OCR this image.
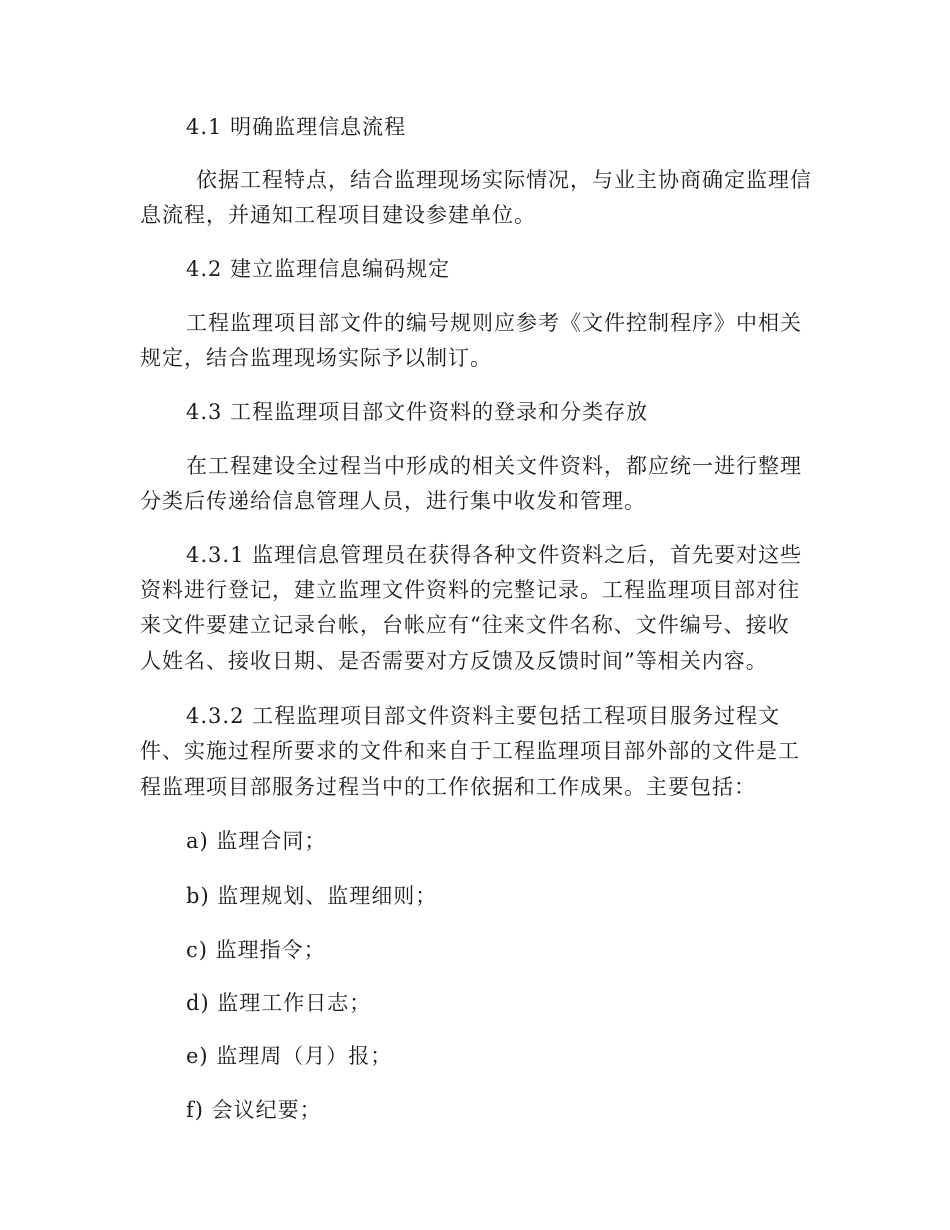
4.1 明确监理信息流程
依据工程特点，结合监理现场实际情况，与业主协商确定监理信
息流程，并通知工程项目建设参建单位。
4.2 建立监理信息编码规定
工程监理项目部文件的编号规则应参考《文件控制程序》中相关
规定，结合监理现场实际予以制订。
4.3 工程监理项目部文件资料的登录和分类存放
在工程建设全过程当中形成的相关文件资料，都应统一进行整理
分类后传递给信息管理人员，进行集中收发和管理。
4.3.1 监理信息管理员在获得各种文件资料之后，首先要对这些
资料进行登记，建立监理文件资料的完整记录。工程监理项目部对往
来文件要建立记录台帐，台帐应有“往来文件名称、文件编号、接收
人姓名、接收日期、是否需要对方反馈及反馈时间”等相关内容。
4.3.2 工程监理项目部文件资料主要包括工程项目服务过程文
件、实施过程所要求的文件和来自于工程监理项目部外部的文件是工
程监理项目部服务过程当中的工作依据和工作成果。主要包括：
a) 监理合同；
b) 监理规划、监理细则；
c) 监理指令；
d) 监理工作日志；
e) 监理周（月）报；
f) 会议纪要；
